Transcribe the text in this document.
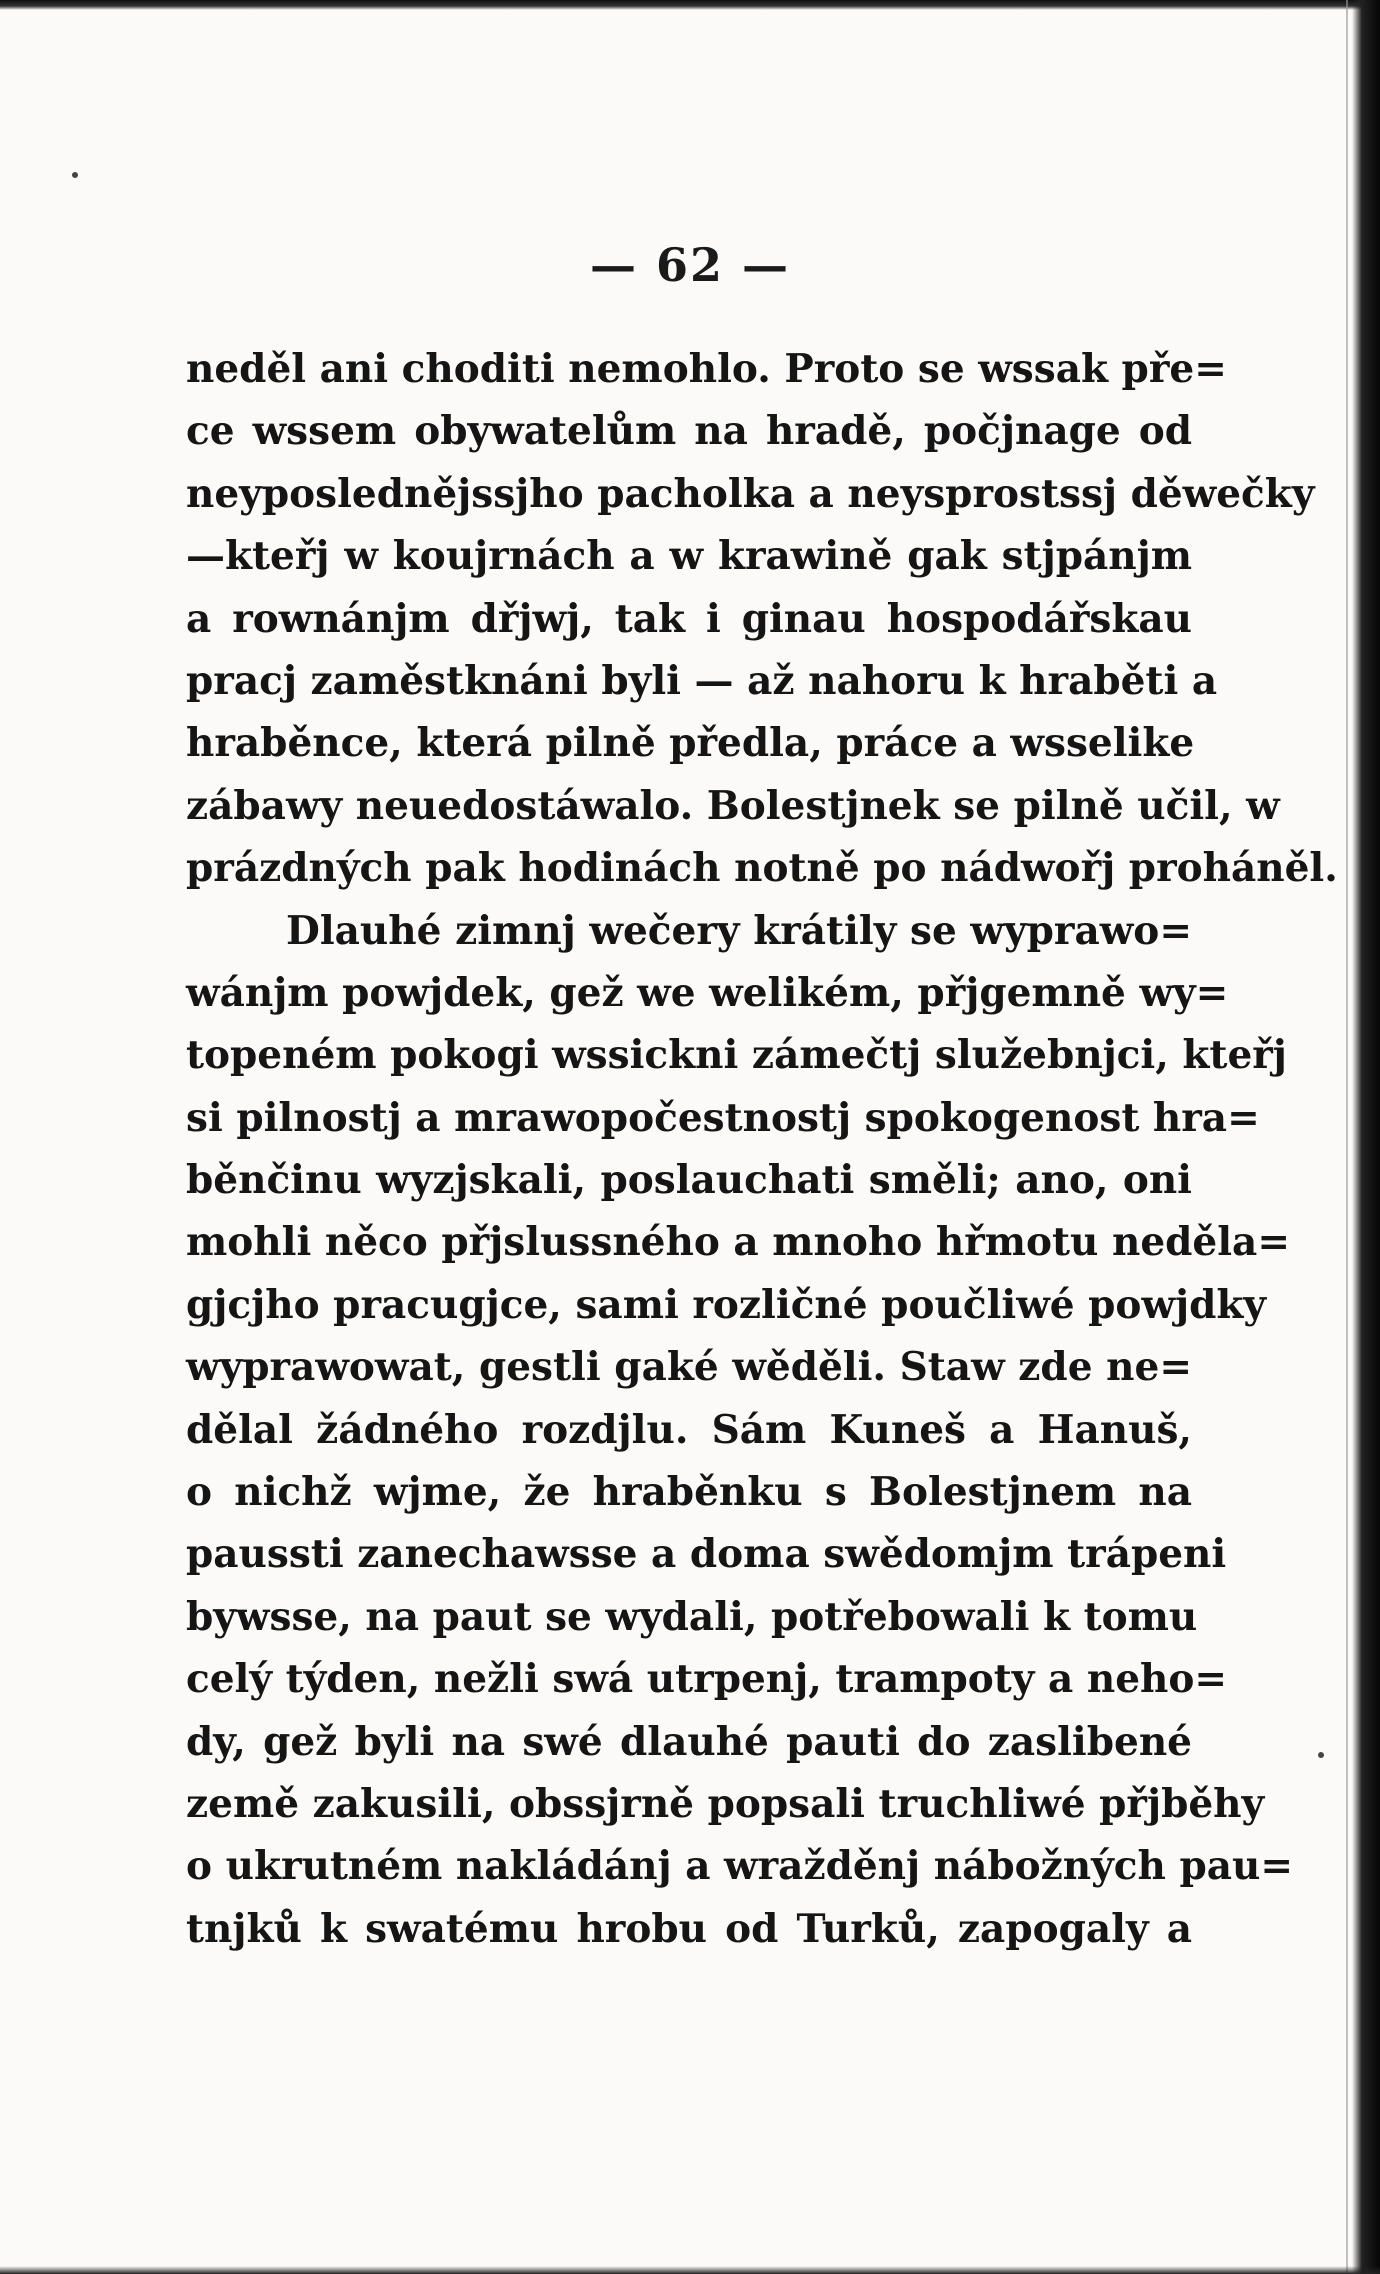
— 62 —
neděl ani choditi nemohlo. Proto se wssak pře=
ce wssem obywatelům na hradě, počjnage od
neyposlednějssjho pacholka a neysprostssj děwečky
—kteřj w koujrnách a w krawině gak stjpánjm
a rownánjm dřjwj, tak i ginau hospodářskau
pracj zaměstknáni byli — až nahoru k hraběti a
hraběnce, která pilně předla, práce a wsselike
zábawy neuedostáwalo. Bolestjnek se pilně učil, w
prázdných pak hodinách notně po nádwořj proháněl.
Dlauhé zimnj wečery krátily se wyprawo=
wánjm powjdek, gež we welikém, přjgemně wy=
topeném pokogi wssickni zámečtj služebnjci, kteřj
si pilnostj a mrawopočestnostj spokogenost hra=
běnčinu wyzjskali, poslauchati směli; ano, oni
mohli něco přjslussného a mnoho hřmotu neděla=
gjcjho pracugjce, sami rozličné poučliwé powjdky
wyprawowat, gestli gaké wěděli. Staw zde ne=
dělal žádného rozdjlu. Sám Kuneš a Hanuš,
o nichž wjme, že hraběnku s Bolestjnem na
paussti zanechawsse a doma swědomjm trápeni
bywsse, na paut se wydali, potřebowali k tomu
celý týden, nežli swá utrpenj, trampoty a neho=
dy, gež byli na swé dlauhé pauti do zaslibené
země zakusili, obssjrně popsali truchliwé přjběhy
o ukrutném nakládánj a wražděnj nábožných pau=
tnjků k swatému hrobu od Turků, zapogaly a
